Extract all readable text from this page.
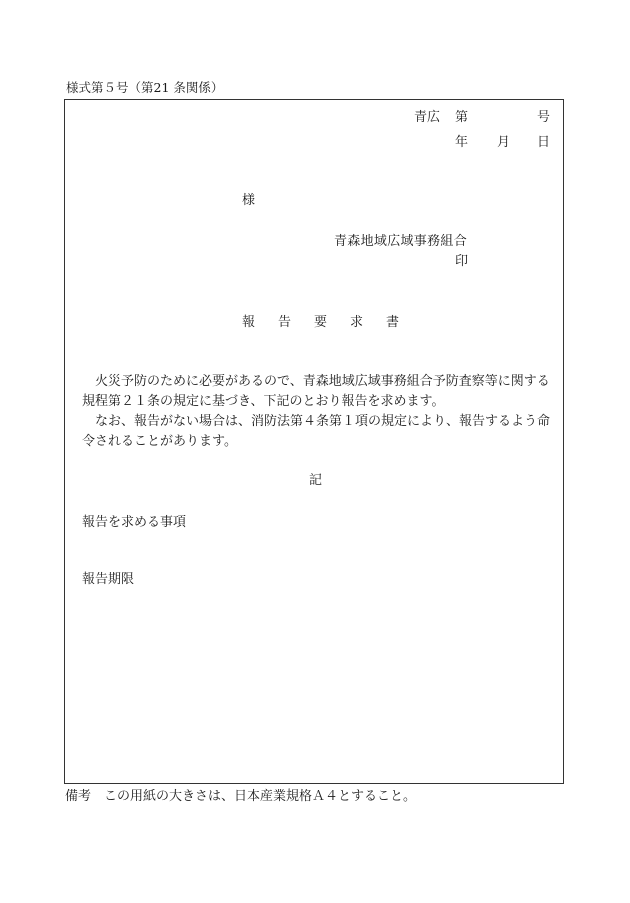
様式第５号（第21 条関係）
青広 第	号
年 月 日
様
青森地域広域事務組合
印
報	告	要	求	書

　火災予防のために必要があるので、青森地域広域事務組合予防査察等に関する規程第２１条の規定に基づき、下記のとおり報告を求めます。

　なお、報告がない場合は、消防法第４条第１項の規定により、報告するよう命令されることがあります。

記
報告を求める事項
報告期限
備考　この用紙の大きさは、日本産業規格Ａ４とすること。
